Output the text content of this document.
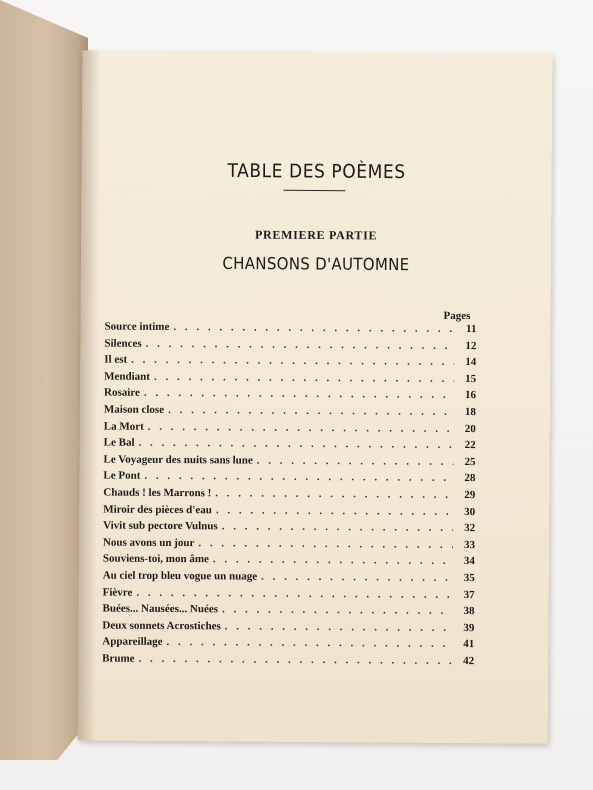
TABLE DES POÈMES
PREMIERE PARTIE
CHANSONS D'AUTOMNE
Pages
Source intime . . .	11
Silences . . .	12
Il est . . .	14
Mendiant . . .	15
Rosaire . . .	16
Maison close . . .	18
La Mort . . .	20
Le Bal . . .	22
Le Voyageur des nuits sans lune . . .	25
Le Pont . . .	28
Chauds ! les Marrons ! . . .	29
Miroir des pièces d'eau . . .	30
Vivit sub pectore Vulnus . . .	32
Nous avons un jour . . .	33
Souviens-toi, mon âme . . .	34
Au ciel trop bleu vogue un nuage . . .	35
Fièvre . . .	37
Buées... Nausées... Nuées . . .	38
Deux sonnets Acrostiches . . .	39
Appareillage . . .	41
Brume . . .	42
